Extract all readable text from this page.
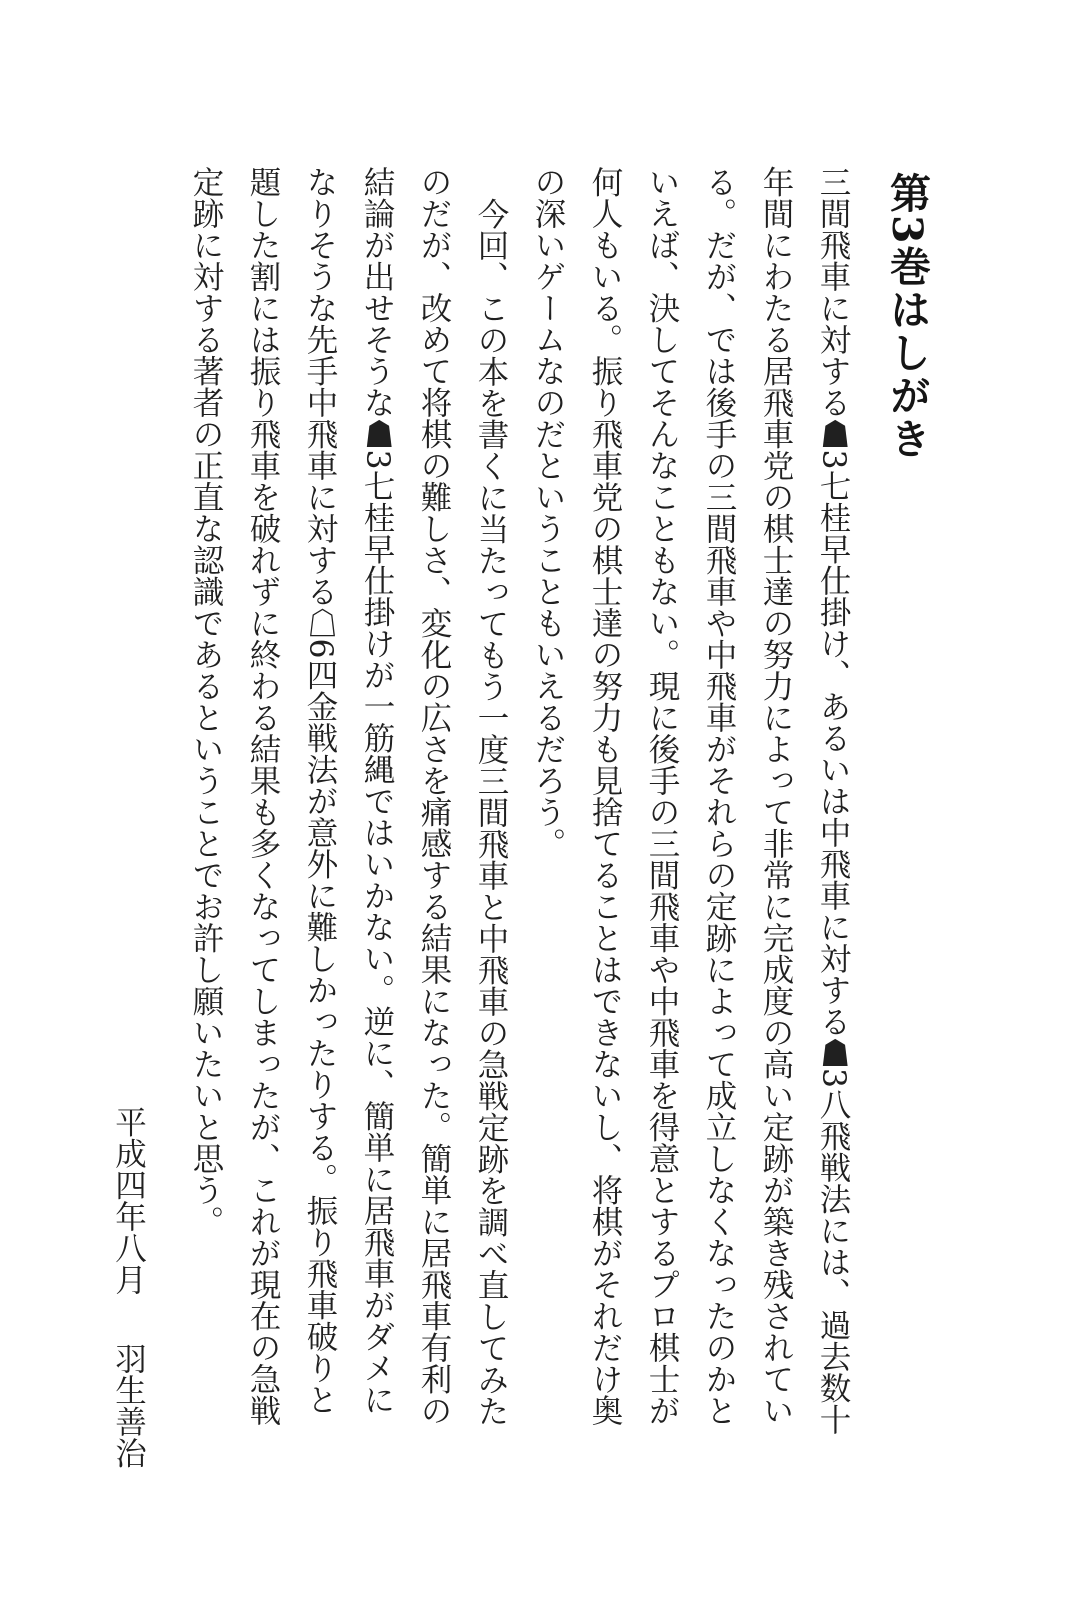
第3巻はしがき

三間飛車に対する☗3七桂早仕掛け、あるいは中飛車に対する☗3八飛戦法には、過去数十年間にわたる居飛車党の棋士達の努力によって非常に完成度の高い定跡が築き残されている。だが、では後手の三間飛車や中飛車がそれらの定跡によって成立しなくなったのかといえば、決してそんなこともない。現に後手の三間飛車や中飛車を得意とするプロ棋士が何人もいる。振り飛車党の棋士達の努力も見捨てることはできないし、将棋がそれだけ奥の深いゲームなのだということもいえるだろう。

今回、この本を書くに当たってもう一度三間飛車と中飛車の急戦定跡を調べ直してみたのだが、改めて将棋の難しさ、変化の広さを痛感する結果になった。簡単に居飛車有利の結論が出せそうな☗3七桂早仕掛けが一筋縄ではいかない。逆に、簡単に居飛車がダメになりそうな先手中飛車に対する☖6四金戦法が意外に難しかったりする。振り飛車破りと題した割には振り飛車を破れずに終わる結果も多くなってしまったが、これが現在の急戦定跡に対する著者の正直な認識であるということでお許し願いたいと思う。

平成四年八月羽生善治
